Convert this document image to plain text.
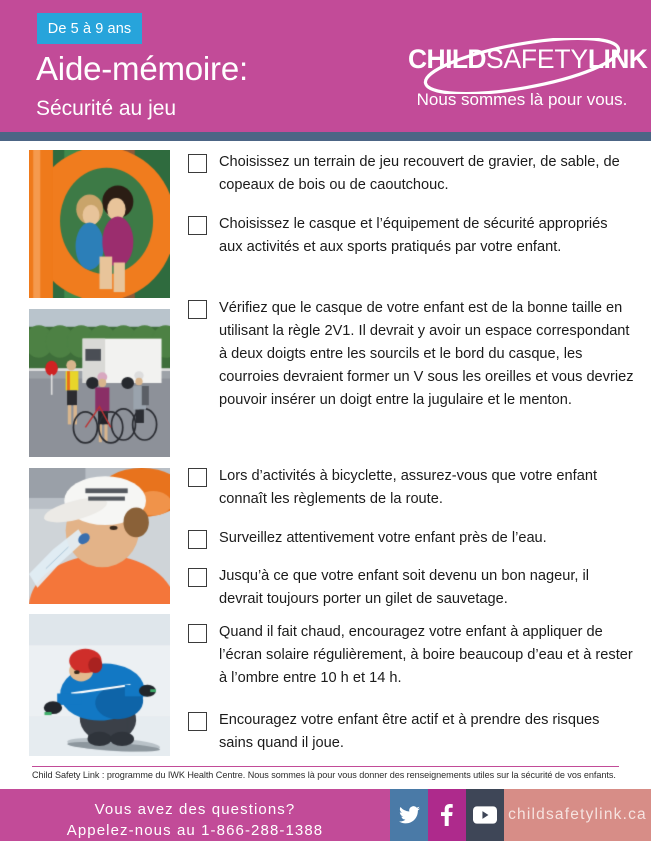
De 5 à 9 ans
Aide-mémoire:
Sécurité au jeu
CHILDSAFETYLINK
Nous sommes là pour vous.
Choisissez un terrain de jeu recouvert de gravier, de sable, de copeaux de bois ou de caoutchouc.
Choisissez le casque et l’équipement de sécurité appropriés aux activités et aux sports pratiqués par votre enfant.
Vérifiez que le casque de votre enfant est de la bonne taille en utilisant la règle 2V1. Il devrait y avoir un espace correspondant à deux doigts entre les sourcils et le bord du casque, les courroies devraient former un V sous les oreilles et vous devriez pouvoir insérer un doigt entre la jugulaire et le menton.
Lors d’activités à bicyclette, assurez-vous que votre enfant connaît les règlements de la route.
Surveillez attentivement votre enfant près de l’eau.
Jusqu’à ce que votre enfant soit devenu un bon nageur, il devrait toujours porter un gilet de sauvetage.
Quand il fait chaud, encouragez votre enfant à appliquer de l’écran solaire régulièrement, à boire beaucoup d’eau et à rester à l’ombre entre 10 h et 14 h.
Encouragez votre enfant être actif et à prendre des risques sains quand il joue.
Child Safety Link : programme du IWK Health Centre. Nous sommes là pour vous donner des renseignements utiles sur la sécurité de vos enfants.
Vous avez des questions?
Appelez-nous au 1-866-288-1388
childsafetylink.ca
